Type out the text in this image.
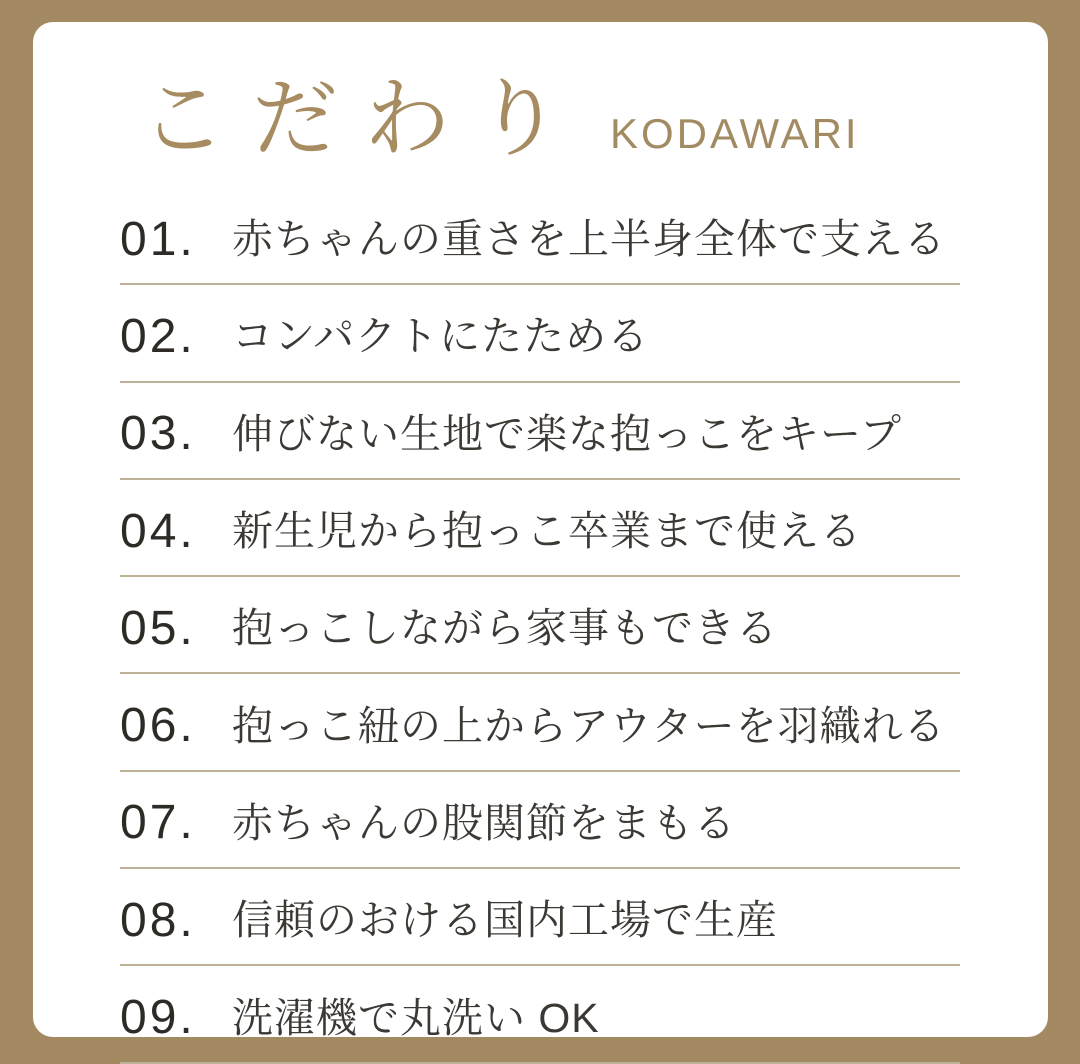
こだわり KODAWARI
01. 赤ちゃんの重さを上半身全体で支える
02. コンパクトにたためる
03. 伸びない生地で楽な抱っこをキープ
04. 新生児から抱っこ卒業まで使える
05. 抱っこしながら家事もできる
06. 抱っこ紐の上からアウターを羽織れる
07. 赤ちゃんの股関節をまもる
08. 信頼のおける国内工場で生産
09. 洗濯機で丸洗い OK
